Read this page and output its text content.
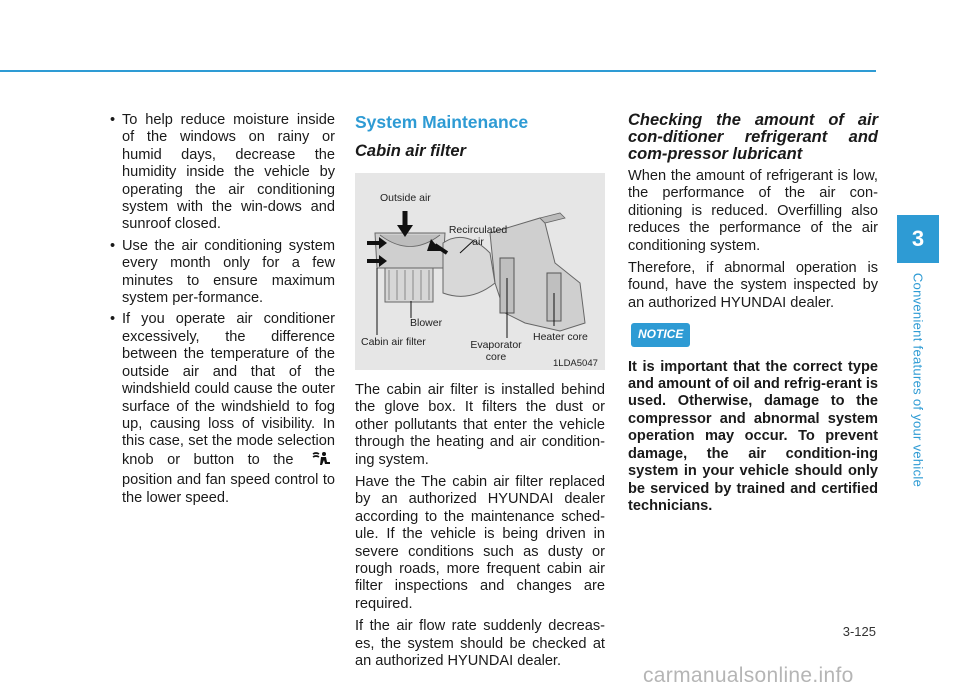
• To help reduce moisture inside of the windows on rainy or humid days, decrease the humidity inside the vehicle by operating the air conditioning system with the win-dows and sunroof closed.
• Use the air conditioning system every month only for a few minutes to ensure maximum system per-formance.
• If you operate air conditioner excessively, the difference between the temperature of the outside air and that of the windshield could cause the outer surface of the windshield to fog up, causing loss of visibility. In this case, set the mode selection knob or button to the  position and fan speed control to the lower speed.
System Maintenance
Cabin air filter
Outside air
Recirculated
air
Blower
Cabin air filter	Evaporator
core
Heater core
1LDA5047

The cabin air filter is installed behind the glove box. It filters the dust or other pollutants that enter the vehicle through the heating and air condition-ing system.

Have the The cabin air filter replaced by an authorized HYUNDAI dealer according to the maintenance sched-ule. If the vehicle is being driven in severe conditions such as dusty or rough roads, more frequent cabin air filter inspections and changes are required.

If the air flow rate suddenly decreas-es, the system should be checked at an authorized HYUNDAI dealer.

Checking the amount of air con-ditioner refrigerant and com-pressor lubricant

When the amount of refrigerant is low, the performance of the air con-ditioning is reduced. Overfilling also reduces the performance of the air conditioning system.

Therefore, if abnormal operation is found, have the system inspected by an authorized HYUNDAI dealer.

NOTICE
It is important that the correct type and amount of oil and refrig-erant is used. Otherwise, damage to the compressor and abnormal system operation may occur. To prevent damage, the air condition-ing system in your vehicle should only be serviced by trained and certified technicians.
3
Convenient features of your vehicle
3-125
carmanualsonline.info
